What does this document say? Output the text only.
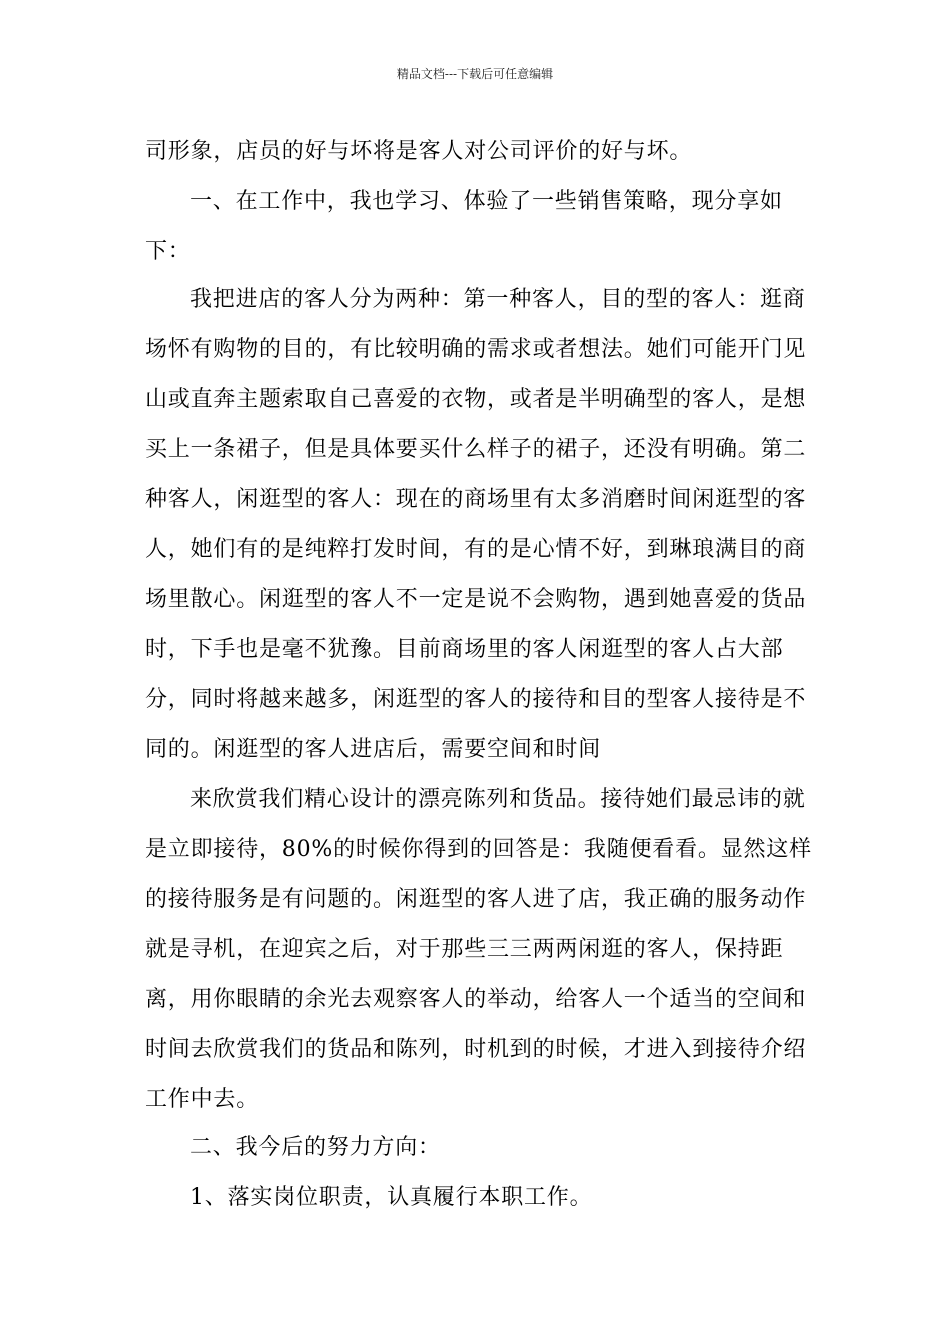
精品文档---下载后可任意编辑

司形象，店员的好与坏将是客人对公司评价的好与坏。

一、在工作中，我也学习、体验了一些销售策略，现分享如下：

我把进店的客人分为两种：第一种客人，目的型的客人：逛商场怀有购物的目的，有比较明确的需求或者想法。她们可能开门见山或直奔主题索取自己喜爱的衣物，或者是半明确型的客人，是想买上一条裙子，但是具体要买什么样子的裙子，还没有明确。第二种客人，闲逛型的客人：现在的商场里有太多消磨时间闲逛型的客人，她们有的是纯粹打发时间，有的是心情不好，到琳琅满目的商场里散心。闲逛型的客人不一定是说不会购物，遇到她喜爱的货品时，下手也是毫不犹豫。目前商场里的客人闲逛型的客人占大部分，同时将越来越多，闲逛型的客人的接待和目的型客人接待是不同的。闲逛型的客人进店后，需要空间和时间

来欣赏我们精心设计的漂亮陈列和货品。接待她们最忌讳的就是立即接待，80%的时候你得到的回答是：我随便看看。显然这样的接待服务是有问题的。闲逛型的客人进了店，我正确的服务动作就是寻机，在迎宾之后，对于那些三三两两闲逛的客人，保持距离，用你眼睛的余光去观察客人的举动，给客人一个适当的空间和时间去欣赏我们的货品和陈列，时机到的时候，才进入到接待介绍工作中去。

二、我今后的努力方向：

1、落实岗位职责，认真履行本职工作。
